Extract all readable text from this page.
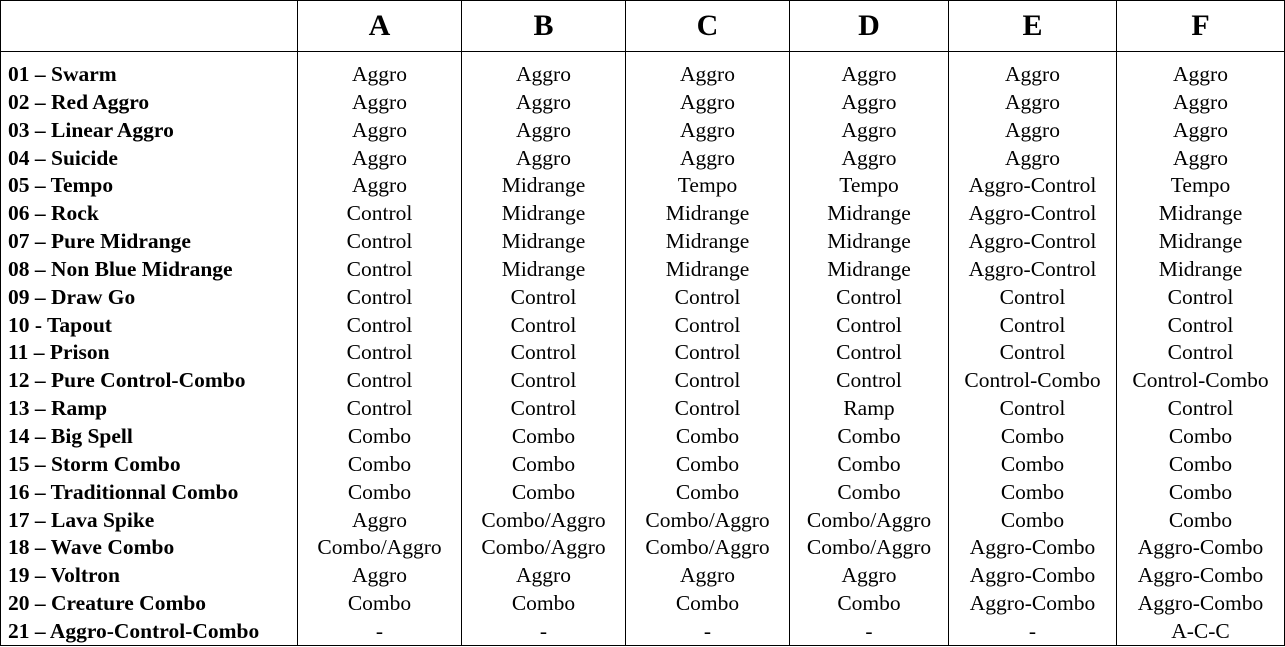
	A	B	C	D	E	F
01 – Swarm	Aggro	Aggro	Aggro	Aggro	Aggro	Aggro
02 – Red Aggro	Aggro	Aggro	Aggro	Aggro	Aggro	Aggro
03 – Linear Aggro	Aggro	Aggro	Aggro	Aggro	Aggro	Aggro
04 – Suicide	Aggro	Aggro	Aggro	Aggro	Aggro	Aggro
05 – Tempo	Aggro	Midrange	Tempo	Tempo	Aggro-Control	Tempo
06 – Rock	Control	Midrange	Midrange	Midrange	Aggro-Control	Midrange
07 – Pure Midrange	Control	Midrange	Midrange	Midrange	Aggro-Control	Midrange
08 – Non Blue Midrange	Control	Midrange	Midrange	Midrange	Aggro-Control	Midrange
09 – Draw Go	Control	Control	Control	Control	Control	Control
10 - Tapout	Control	Control	Control	Control	Control	Control
11 – Prison	Control	Control	Control	Control	Control	Control
12 – Pure Control-Combo	Control	Control	Control	Control	Control-Combo	Control-Combo
13 – Ramp	Control	Control	Control	Ramp	Control	Control
14 – Big Spell	Combo	Combo	Combo	Combo	Combo	Combo
15 – Storm Combo	Combo	Combo	Combo	Combo	Combo	Combo
16 – Traditionnal Combo	Combo	Combo	Combo	Combo	Combo	Combo
17 – Lava Spike	Aggro	Combo/Aggro	Combo/Aggro	Combo/Aggro	Combo	Combo
18 – Wave Combo	Combo/Aggro	Combo/Aggro	Combo/Aggro	Combo/Aggro	Aggro-Combo	Aggro-Combo
19 – Voltron	Aggro	Aggro	Aggro	Aggro	Aggro-Combo	Aggro-Combo
20 – Creature Combo	Combo	Combo	Combo	Combo	Aggro-Combo	Aggro-Combo
21 – Aggro-Control-Combo	-	-	-	-	-	A-C-C
